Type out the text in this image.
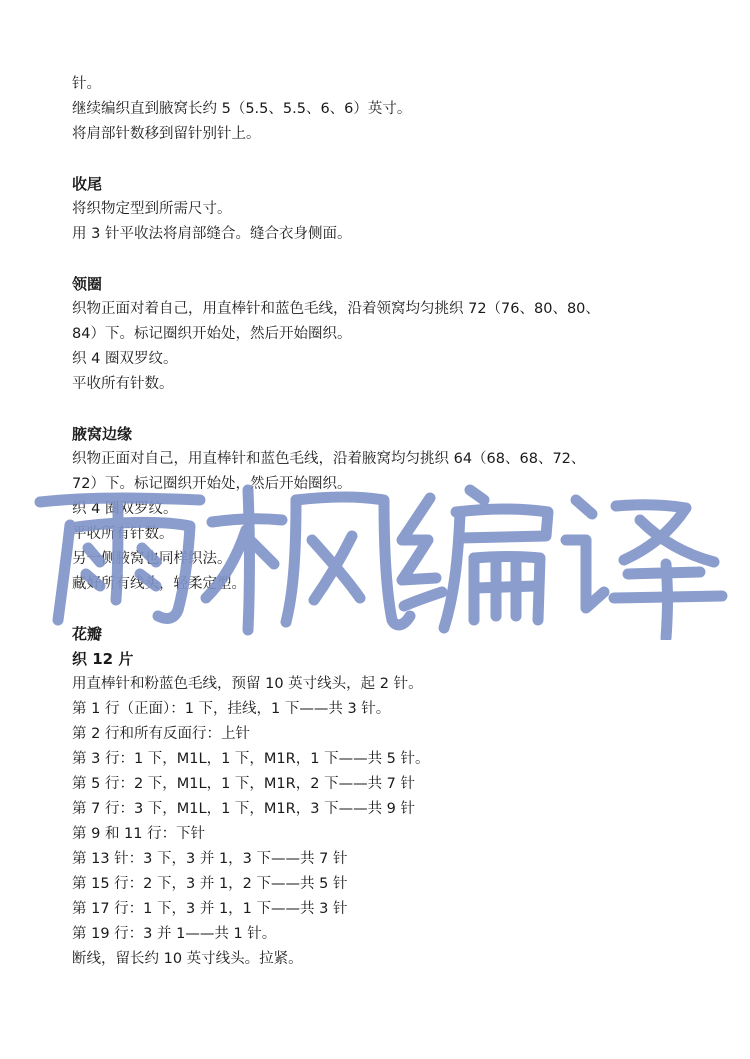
针。
继续编织直到腋窝长约 5（5.5、5.5、6、6）英寸。
将肩部针数移到留针别针上。
收尾
将织物定型到所需尺寸。
用 3 针平收法将肩部缝合。缝合衣身侧面。
领圈
织物正面对着自己，用直棒针和蓝色毛线，沿着领窝均匀挑织 72（76、80、80、
84）下。标记圈织开始处，然后开始圈织。
织 4 圈双罗纹。
平收所有针数。
腋窝边缘
织物正面对自己，用直棒针和蓝色毛线，沿着腋窝均匀挑织 64（68、68、72、
72）下。标记圈织开始处，然后开始圈织。
织 4 圈双罗纹。
平收所有针数。
另一侧腋窝也同样织法。
藏好所有线头，轻柔定型。
花瓣
织 12 片
用直棒针和粉蓝色毛线，预留 10 英寸线头，起 2 针。
第 1 行（正面）：1 下，挂线，1 下——共 3 针。
第 2 行和所有反面行：上针
第 3 行：1 下，M1L，1 下，M1R，1 下——共 5 针。
第 5 行：2 下，M1L，1 下，M1R，2 下——共 7 针
第 7 行：3 下，M1L，1 下，M1R，3 下——共 9 针
第 9 和 11 行：下针
第 13 针：3 下，3 并 1，3 下——共 7 针
第 15 行：2 下，3 并 1，2 下——共 5 针
第 17 行：1 下，3 并 1，1 下——共 3 针
第 19 行：3 并 1——共 1 针。
断线，留长约 10 英寸线头。拉紧。
